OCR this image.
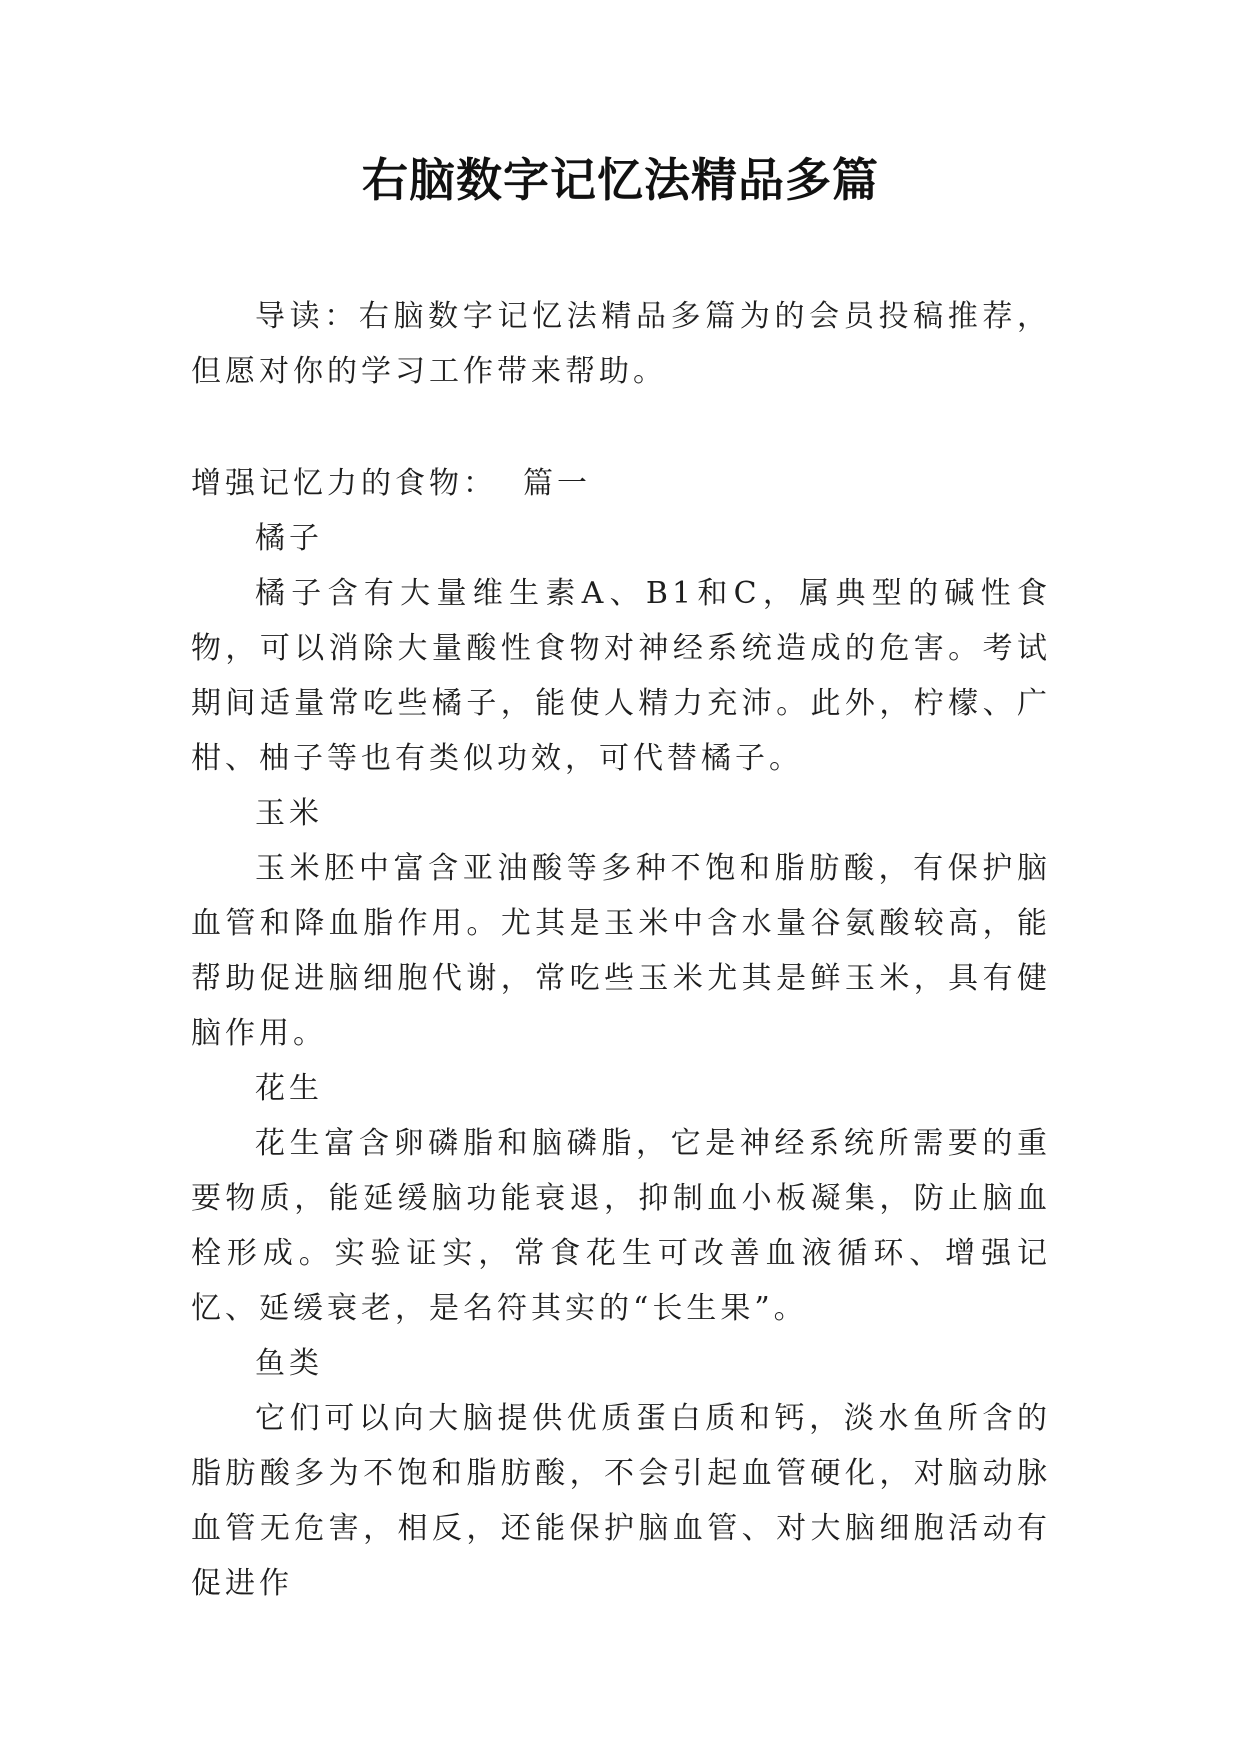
右脑数字记忆法精品多篇

导读：右脑数字记忆法精品多篇为的会员投稿推荐，但愿对你的学习工作带来帮助。

增强记忆力的食物： 篇一

橘子

橘子含有大量维生素A、B1和C，属典型的碱性食物，可以消除大量酸性食物对神经系统造成的危害。考试期间适量常吃些橘子，能使人精力充沛。此外，柠檬、广柑、柚子等也有类似功效，可代替橘子。

玉米

玉米胚中富含亚油酸等多种不饱和脂肪酸，有保护脑血管和降血脂作用。尤其是玉米中含水量谷氨酸较高，能帮助促进脑细胞代谢，常吃些玉米尤其是鲜玉米，具有健脑作用。

花生

花生富含卵磷脂和脑磷脂，它是神经系统所需要的重要物质，能延缓脑功能衰退，抑制血小板凝集，防止脑血栓形成。实验证实，常食花生可改善血液循环、增强记忆、延缓衰老，是名符其实的“长生果”。

鱼类

它们可以向大脑提供优质蛋白质和钙，淡水鱼所含的脂肪酸多为不饱和脂肪酸，不会引起血管硬化，对脑动脉血管无危害，相反，还能保护脑血管、对大脑细胞活动有促进作
